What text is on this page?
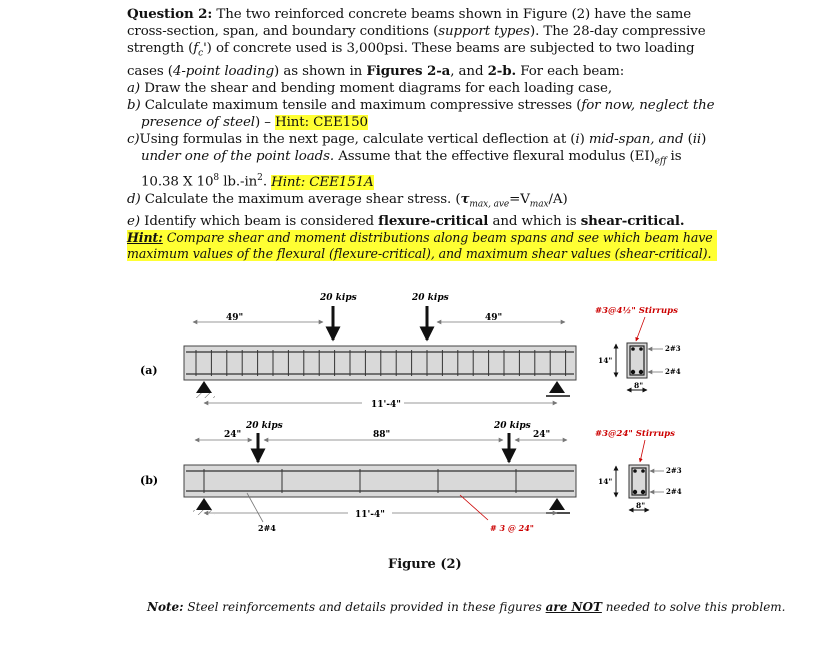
Question 2: The two reinforced concrete beams shown in Figure (2) have the same cross-section, span, and boundary conditions (support types). The 28-day compressive strength $(f_c')$ of concrete used is 3,000psi. These beams are subjected to two loading cases (4-point loading) as shown in Figures 2-a, and 2-b. For each beam:

a) Draw the shear and bending moment diagrams for each loading case,

b) Calculate maximum tensile and maximum compressive stresses (for now, neglect the presence of steel) – Hint: CEE150

c)Using formulas in the next page, calculate vertical deflection at (i) mid-span, and (ii) under one of the point loads. Assume that the effective flexural modulus $(EI)_{eff}$ is 10.38 X $10^8$ $lb.-in^2$. Hint: CEE151A

d) Calculate the maximum average shear stress. $(\tau_{max, ave}=V_{max}/A)$

e) Identify which beam is considered flexure-critical and which is shear-critical.

Hint: Compare shear and moment distributions along beam spans and see which beam have maximum values of the flexural (flexure-critical), and maximum shear values (shear-critical).

(a)
20 kips	20 kips
49"	49"
11'-4"
#3@4½" Stirrups
14"
8"
2#3
2#4
(b)
20 kips	20 kips
24"	88"	24"
11'-4"
2#4	# 3 @ 24"
#3@24" Stirrups
14"
8"
2#3
2#4
Figure (2)
Note: Steel reinforcements and details provided in these figures are NOT needed to solve this problem.
